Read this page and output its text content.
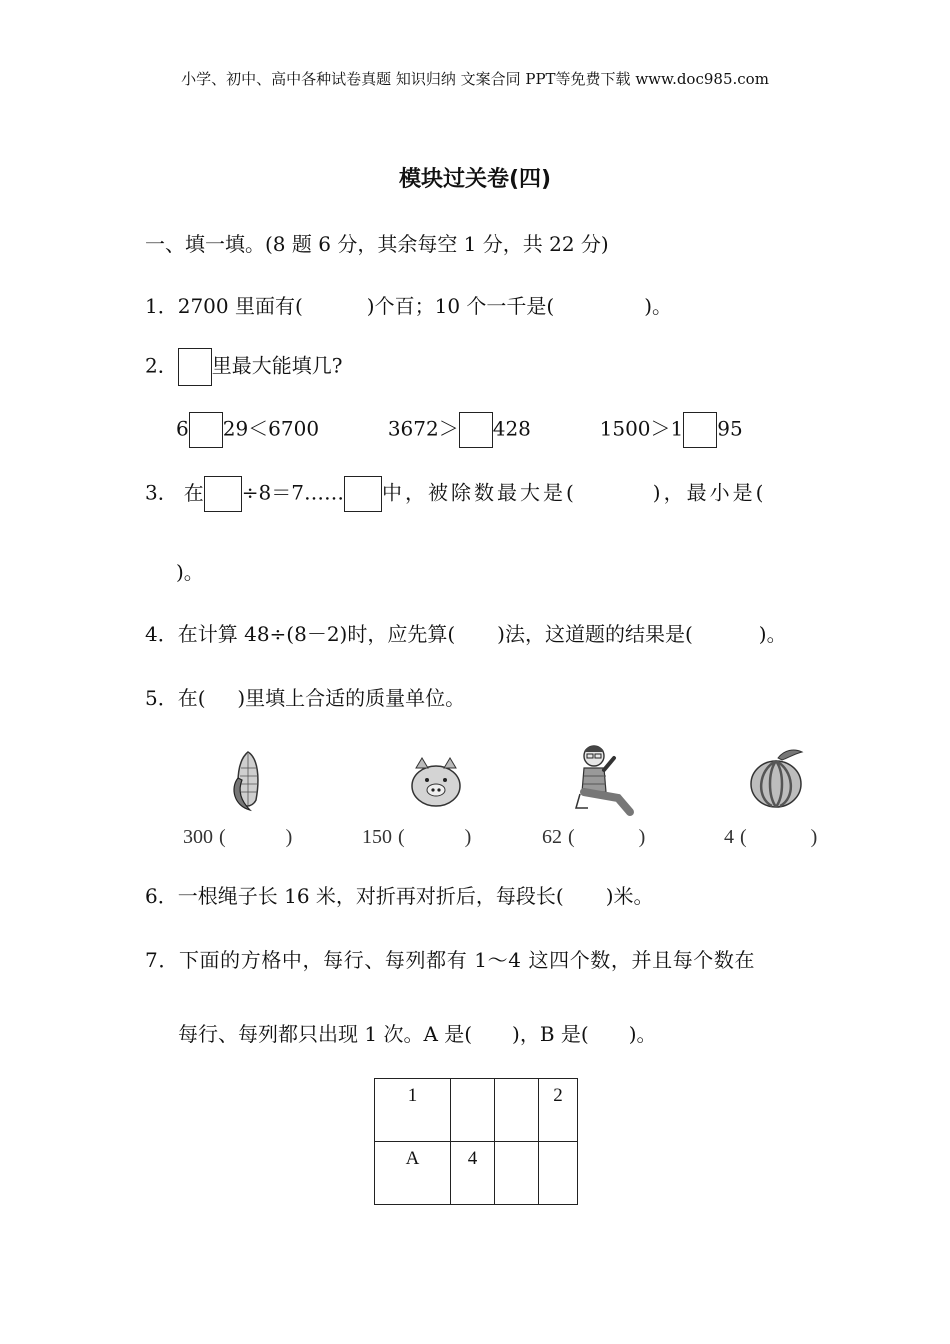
小学、初中、高中各种试卷真题 知识归纳 文案合同 PPT等免费下载 www.doc985.com
模块过关卷(四)
一、填一填。(8 题 6 分，其余每空 1 分，共 22 分)
1．2700 里面有(	)个百；10 个一千是(	)。
2． 里最大能填几?
6 29＜6700	3672＞ 428	1500＞1 95
3． 在 ÷8＝7…… 中，被除数最大是(	)，最小是(
)。
4．在计算 48÷(8－2)时，应先算( )法，这道题的结果是(	)。
5．在(     )里填上合适的质量单位。
300 (	)	150 (	)	62 (	)	4 (	)
6．一根绳子长 16 米，对折再对折后，每段长( )米。
7．下面的方格中，每行、每列都有 1～4 这四个数，并且每个数在
每行、每列都只出现 1 次。A 是( )，B 是( )。
1			2
A	4		
